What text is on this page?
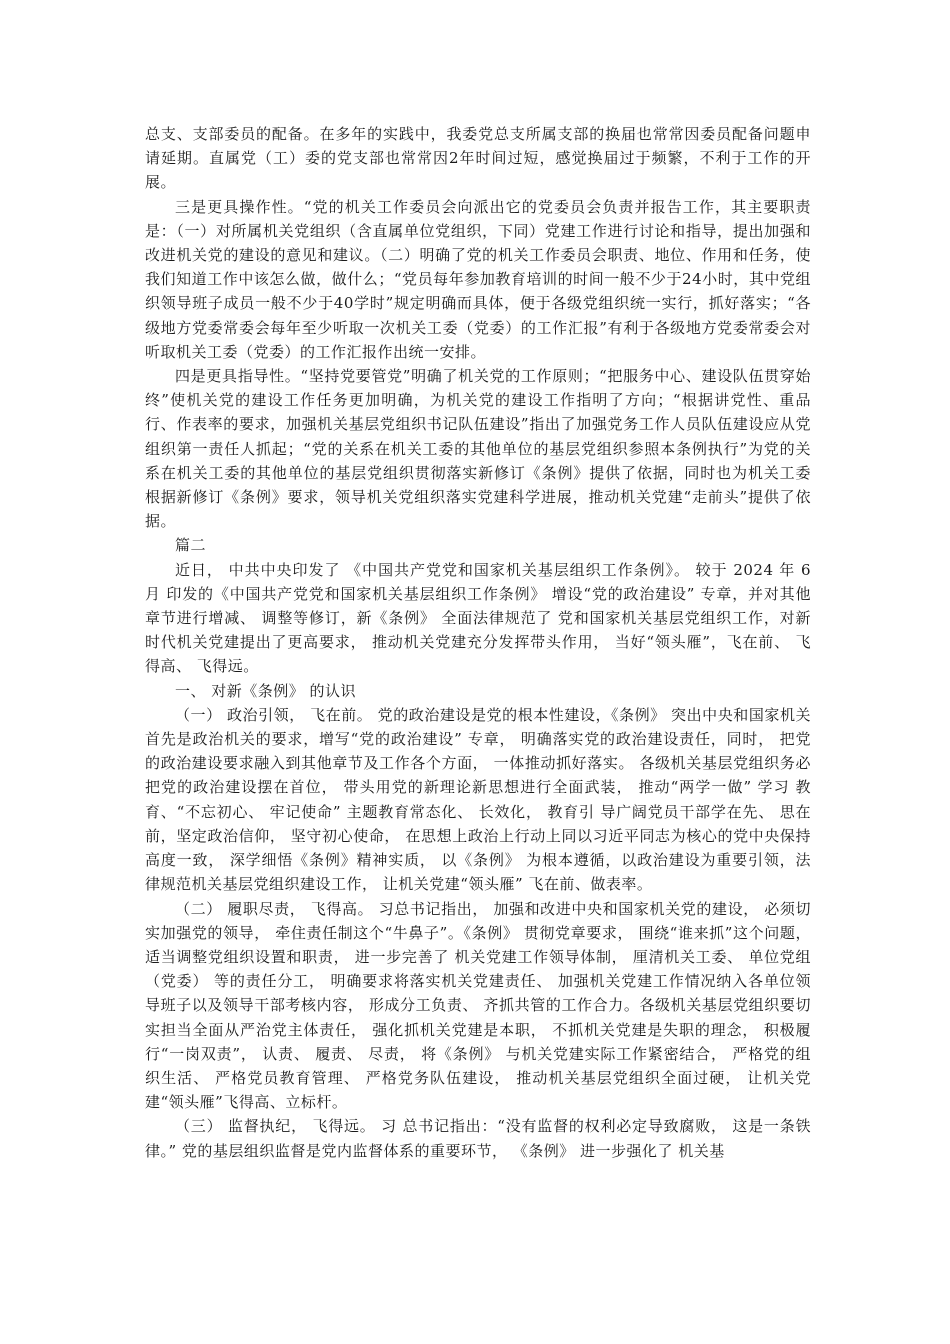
总支、支部委员的配备。在多年的实践中，我委党总支所属支部的换届也常常因委员配备问题申请延期。直属党（工）委的党支部也常常因2年时间过短，感觉换届过于频繁，不利于工作的开展。

三是更具操作性。“党的机关工作委员会向派出它的党委员会负责并报告工作，其主要职责是：（一）对所属机关党组织（含直属单位党组织，下同）党建工作进行讨论和指导，提出加强和改进机关党的建设的意见和建议。（二）明确了党的机关工作委员会职责、地位、作用和任务，使我们知道工作中该怎么做，做什么；“党员每年参加教育培训的时间一般不少于24小时，其中党组织领导班子成员一般不少于40学时”规定明确而具体，便于各级党组织统一实行，抓好落实；“各级地方党委常委会每年至少听取一次机关工委（党委）的工作汇报”有利于各级地方党委常委会对听取机关工委（党委）的工作汇报作出统一安排。

四是更具指导性。“坚持党要管党”明确了机关党的工作原则；“把服务中心、建设队伍贯穿始终”使机关党的建设工作任务更加明确，为机关党的建设工作指明了方向；“根据讲党性、重品行、作表率的要求，加强机关基层党组织书记队伍建设”指出了加强党务工作人员队伍建设应从党组织第一责任人抓起；“党的关系在机关工委的其他单位的基层党组织参照本条例执行”为党的关系在机关工委的其他单位的基层党组织贯彻落实新修订《条例》提供了依据，同时也为机关工委根据新修订《条例》要求，领导机关党组织落实党建科学进展，推动机关党建“走前头”提供了依据。

篇二

近日， 中共中央印发了 《中国共产党党和国家机关基层组织工作条例》。 较于 2024 年 6 月 印发的《中国共产党党和国家机关基层组织工作条例》 增设“党的政治建设” 专章，并对其他章节进行增减、 调整等修订，新《条例》 全面法律规范了 党和国家机关基层党组织工作，对新时代机关党建提出了更高要求， 推动机关党建充分发挥带头作用， 当好“领头雁”，飞在前、 飞得高、 飞得远。

一、 对新《条例》 的认识

（一） 政治引领， 飞在前。 党的政治建设是党的根本性建设，《条例》 突出中央和国家机关首先是政治机关的要求，增写“党的政治建设” 专章， 明确落实党的政治建设责任，同时， 把党的政治建设要求融入到其他章节及工作各个方面， 一体推动抓好落实。 各级机关基层党组织务必把党的政治建设摆在首位， 带头用党的新理论新思想进行全面武装， 推动“两学一做” 学习 教育、“不忘初心、 牢记使命” 主题教育常态化、 长效化， 教育引 导广阔党员干部学在先、 思在前，坚定政治信仰， 坚守初心使命， 在思想上政治上行动上同以习近平同志为核心的党中央保持高度一致， 深学细悟《条例》精神实质， 以《条例》 为根本遵循，以政治建设为重要引领，法律规范机关基层党组织建设工作， 让机关党建“领头雁” 飞在前、做表率。

（二） 履职尽责， 飞得高。 习总书记指出， 加强和改进中央和国家机关党的建设， 必须切实加强党的领导， 牵住责任制这个“牛鼻子”。《条例》 贯彻党章要求， 围绕“谁来抓”这个问题， 适当调整党组织设置和职责， 进一步完善了 机关党建工作领导体制， 厘清机关工委、 单位党组（党委） 等的责任分工， 明确要求将落实机关党建责任、 加强机关党建工作情况纳入各单位领导班子以及领导干部考核内容， 形成分工负责、 齐抓共管的工作合力。各级机关基层党组织要切实担当全面从严治党主体责任， 强化抓机关党建是本职， 不抓机关党建是失职的理念， 积极履行“一岗双责”， 认责、 履责、 尽责， 将《条例》 与机关党建实际工作紧密结合， 严格党的组织生活、 严格党员教育管理、 严格党务队伍建设， 推动机关基层党组织全面过硬， 让机关党建“领头雁”飞得高、立标杆。

（三） 监督执纪， 飞得远。 习 总书记指出：“没有监督的权利必定导致腐败， 这是一条铁律。” 党的基层组织监督是党内监督体系的重要环节， 《条例》 进一步强化了 机关基
